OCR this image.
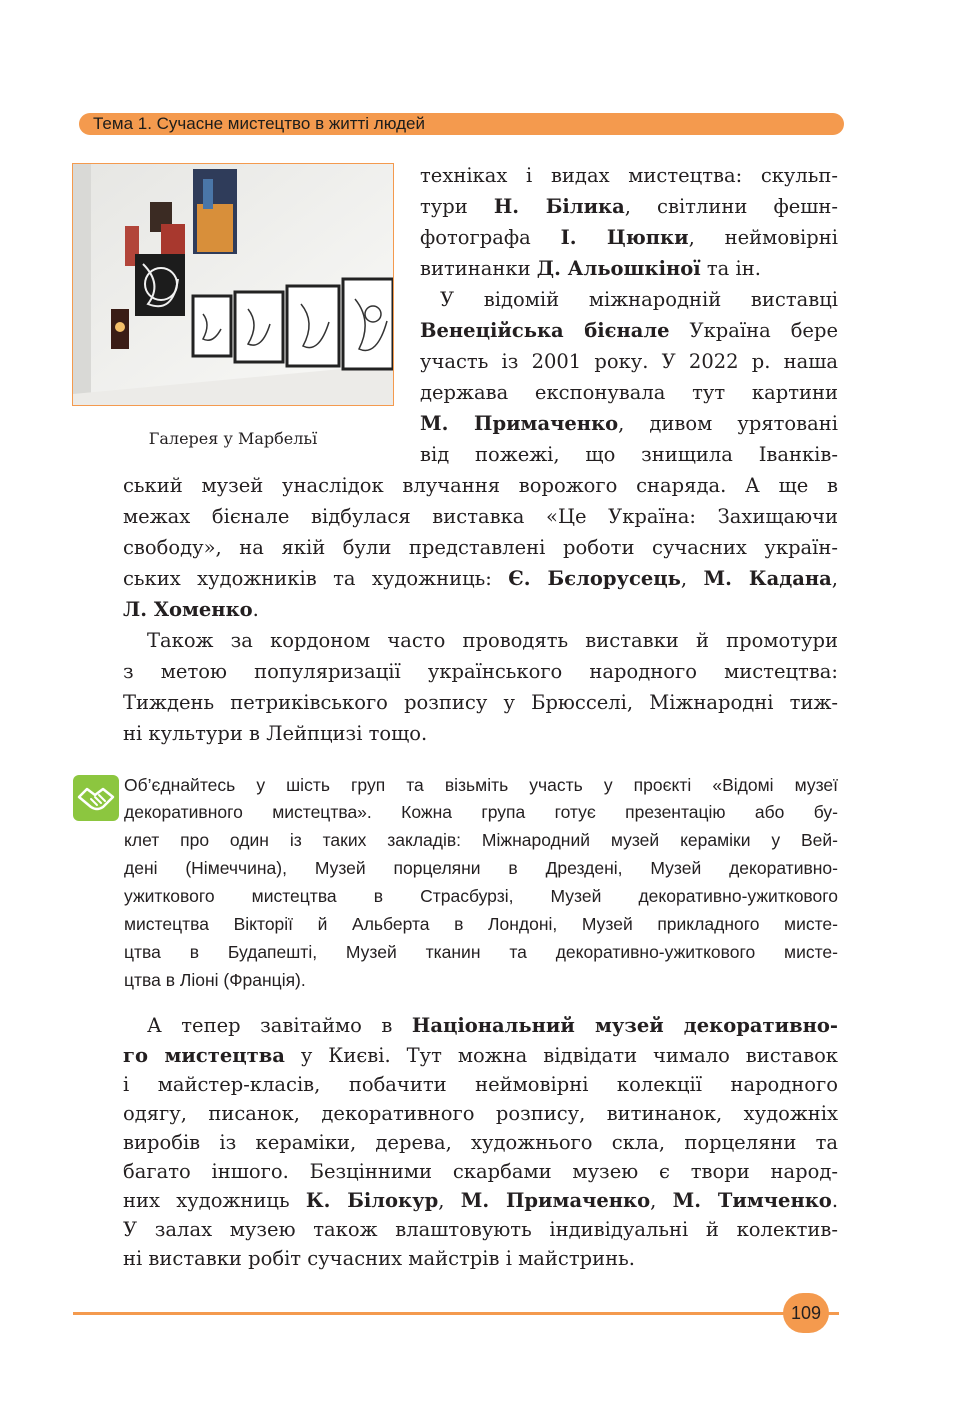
Тема 1. Сучасне мистецтво в житті людей
Галерея у Марбельї
техніках і видах мистецтва: скульп-
тури Н. Білика, світлини фешн-
фотографа І. Цюпки, неймовірні
витинанки Д. Альошкіної та ін.
У відомій міжнародній виставці
Венеційська бієнале Україна бере
участь із 2001 року. У 2022 р. наша
держава експонувала тут картини
М. Примаченко, дивом урятовані
від пожежі, що знищила Іванків-
ський музей унаслідок влучання ворожого снаряда. А ще в
межах бієнале відбулася виставка «Це Україна: Захищаючи
свободу», на якій були представлені роботи сучасних україн-
ських художників та художниць: Є. Бєлорусець, М. Кадана,
Л. Хоменко.
Також за кордоном часто проводять виставки й промотури
з метою популяризації українського народного мистецтва:
Тиждень петриківського розпису у Брюсселі, Міжнародні тиж-
ні культури в Лейпцизі тощо.
Об’єднайтесь у шість груп та візьміть участь у проєкті «Відомі музеї
декоративного мистецтва». Кожна група готує презентацію або бу-
клет про один із таких закладів: Міжнародний музей кераміки у Вей-
дені (Німеччина), Музей порцеляни в Дрездені, Музей декоративно-
ужиткового мистецтва в Страсбурзі, Музей декоративно-ужиткового
мистецтва Вікторії й Альберта в Лондоні, Музей прикладного мисте-
цтва в Будапешті, Музей тканин та декоративно-ужиткового мисте-
цтва в Ліоні (Франція).
А тепер завітаймо в Національний музей декоративно-
го мистецтва у Києві. Тут можна відвідати чимало виставок
і майстер-класів, побачити неймовірні колекції народного
одягу, писанок, декоративного розпису, витинанок, художніх
виробів із кераміки, дерева, художнього скла, порцеляни та
багато іншого. Безцінними скарбами музею є твори народ-
них художниць К. Білокур, М. Примаченко, М. Тимченко.
У залах музею також влаштовують індивідуальні й колектив-
ні виставки робіт сучасних майстрів і майстринь.
109
